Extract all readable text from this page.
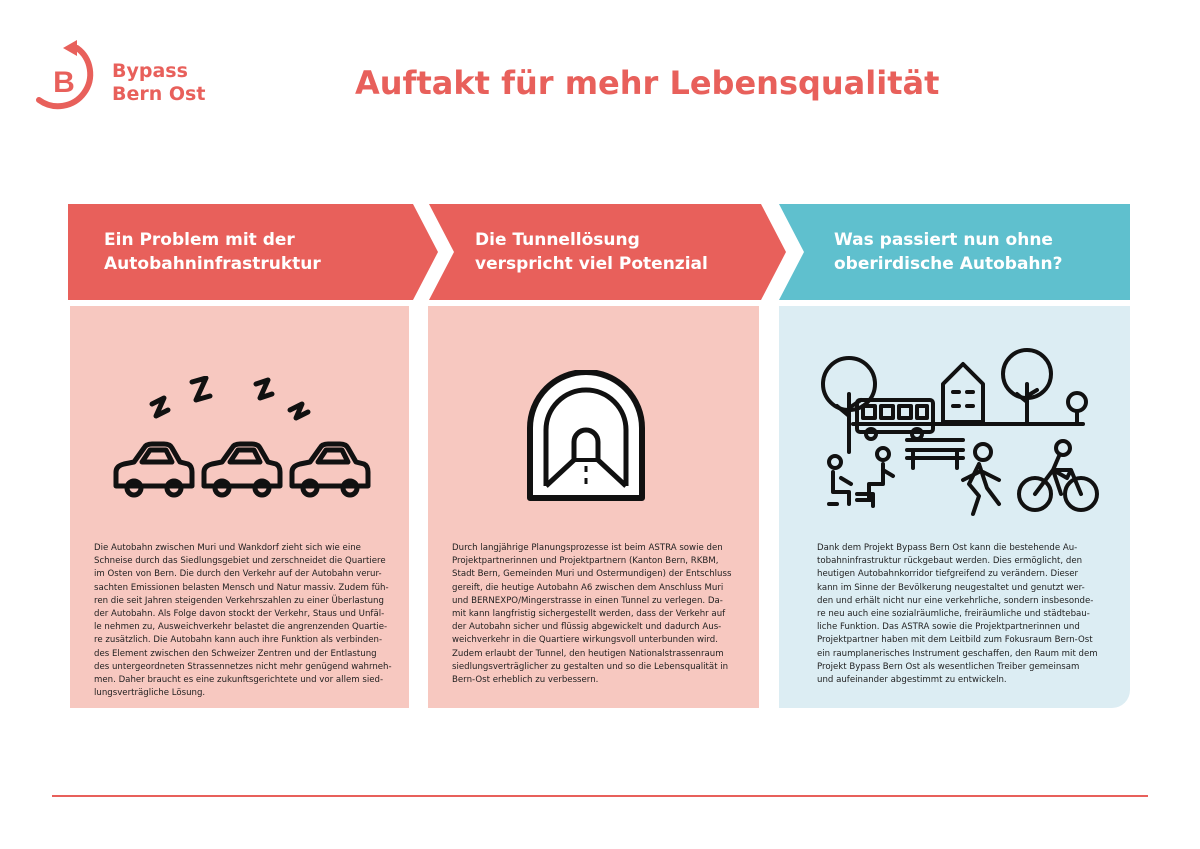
B Bypass
Bern Ost	Auftakt für mehr Lebensqualität
Ein Problem mit der
Autobahninfrastruktur
Die Tunnellösung
verspricht viel Potenzial
Was passiert nun ohne
oberirdische Autobahn?

Die Autobahn zwischen Muri und Wankdorf zieht sich wie eine
Schneise durch das Siedlungsgebiet und zerschneidet die Quartiere
im Osten von Bern. Die durch den Verkehr auf der Autobahn verur-
sachten Emissionen belasten Mensch und Natur massiv. Zudem füh-
ren die seit Jahren steigenden Verkehrszahlen zu einer Überlastung
der Autobahn. Als Folge davon stockt der Verkehr, Staus und Unfäl-
le nehmen zu, Ausweichverkehr belastet die angrenzenden Quartie-
re zusätzlich. Die Autobahn kann auch ihre Funktion als verbinden-
des Element zwischen den Schweizer Zentren und der Entlastung
des untergeordneten Strassennetzes nicht mehr genügend wahrneh-
men. Daher braucht es eine zukunftsgerichtete und vor allem sied-
lungsverträgliche Lösung.

Durch langjährige Planungsprozesse ist beim ASTRA sowie den
Projektpartnerinnen und Projektpartnern (Kanton Bern, RKBM,
Stadt Bern, Gemeinden Muri und Ostermundigen) der Entschluss
gereift, die heutige Autobahn A6 zwischen dem Anschluss Muri
und BERNEXPO/Mingerstrasse in einen Tunnel zu verlegen. Da-
mit kann langfristig sichergestellt werden, dass der Verkehr auf
der Autobahn sicher und flüssig abgewickelt und dadurch Aus-
weichverkehr in die Quartiere wirkungsvoll unterbunden wird.
Zudem erlaubt der Tunnel, den heutigen Nationalstrassenraum
siedlungsverträglicher zu gestalten und so die Lebensqualität in
Bern-Ost erheblich zu verbessern.

Dank dem Projekt Bypass Bern Ost kann die bestehende Au-
tobahninfrastruktur rückgebaut werden. Dies ermöglicht, den
heutigen Autobahnkorridor tiefgreifend zu verändern. Dieser
kann im Sinne der Bevölkerung neugestaltet und genutzt wer-
den und erhält nicht nur eine verkehrliche, sondern insbesonde-
re neu auch eine sozialräumliche, freiräumliche und städtebau-
liche Funktion. Das ASTRA sowie die Projektpartnerinnen und
Projektpartner haben mit dem Leitbild zum Fokusraum Bern-Ost
ein raumplanerisches Instrument geschaffen, den Raum mit dem
Projekt Bypass Bern Ost als wesentlichen Treiber gemeinsam
und aufeinander abgestimmt zu entwickeln.
